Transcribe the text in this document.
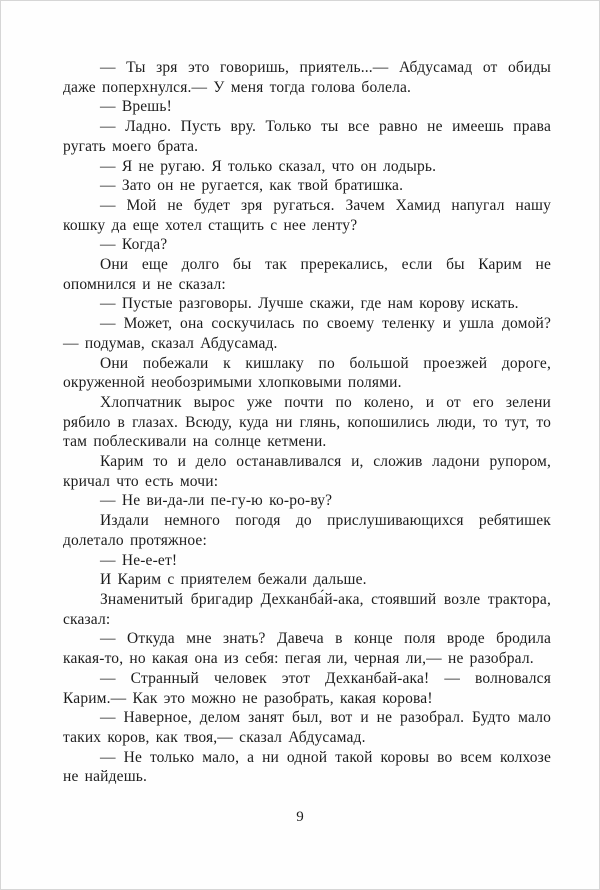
— Ты зря это говоришь, приятель...— Абдусамад от обиды даже поперхнулся.— У меня тогда голова болела.

— Врешь!

— Ладно. Пусть вру. Только ты все равно не имеешь права ругать моего брата.

— Я не ругаю. Я только сказал, что он лодырь.

— Зато он не ругается, как твой братишка.

— Мой не будет зря ругаться. Зачем Хамид напугал нашу кошку да еще хотел стащить с нее ленту?

— Когда?

Они еще долго бы так пререкались, если бы Карим не опомнился и не сказал:

— Пустые разговоры. Лучше скажи, где нам корову искать.

— Может, она соскучилась по своему теленку и ушла домой? — подумав, сказал Абдусамад.

Они побежали к кишлаку по большой проезжей дороге, окруженной необозримыми хлопковыми полями.

Хлопчатник вырос уже почти по колено, и от его зелени рябило в глазах. Всюду, куда ни глянь, копошились люди, то тут, то там поблескивали на солнце кетмени.

Карим то и дело останавливался и, сложив ладони рупором, кричал что есть мочи:

— Не ви-да-ли пе-гу-ю ко-ро-ву?

Издали немного погодя до прислушивающихся ребятишек долетало протяжное:

— Не-е-ет!

И Карим с приятелем бежали дальше.

Знаменитый бригадир Дехканба́й-ака, стоявший возле трактора, сказал:

— Откуда мне знать? Давеча в конце поля вроде бродила какая-то, но какая она из себя: пегая ли, черная ли,— не разобрал.

— Странный человек этот Дехканбай-ака! — волновался Карим.— Как это можно не разобрать, какая корова!

— Наверное, делом занят был, вот и не разобрал. Будто мало таких коров, как твоя,— сказал Абдусамад.

— Не только мало, а ни одной такой коровы во всем колхозе не найдешь.

9
